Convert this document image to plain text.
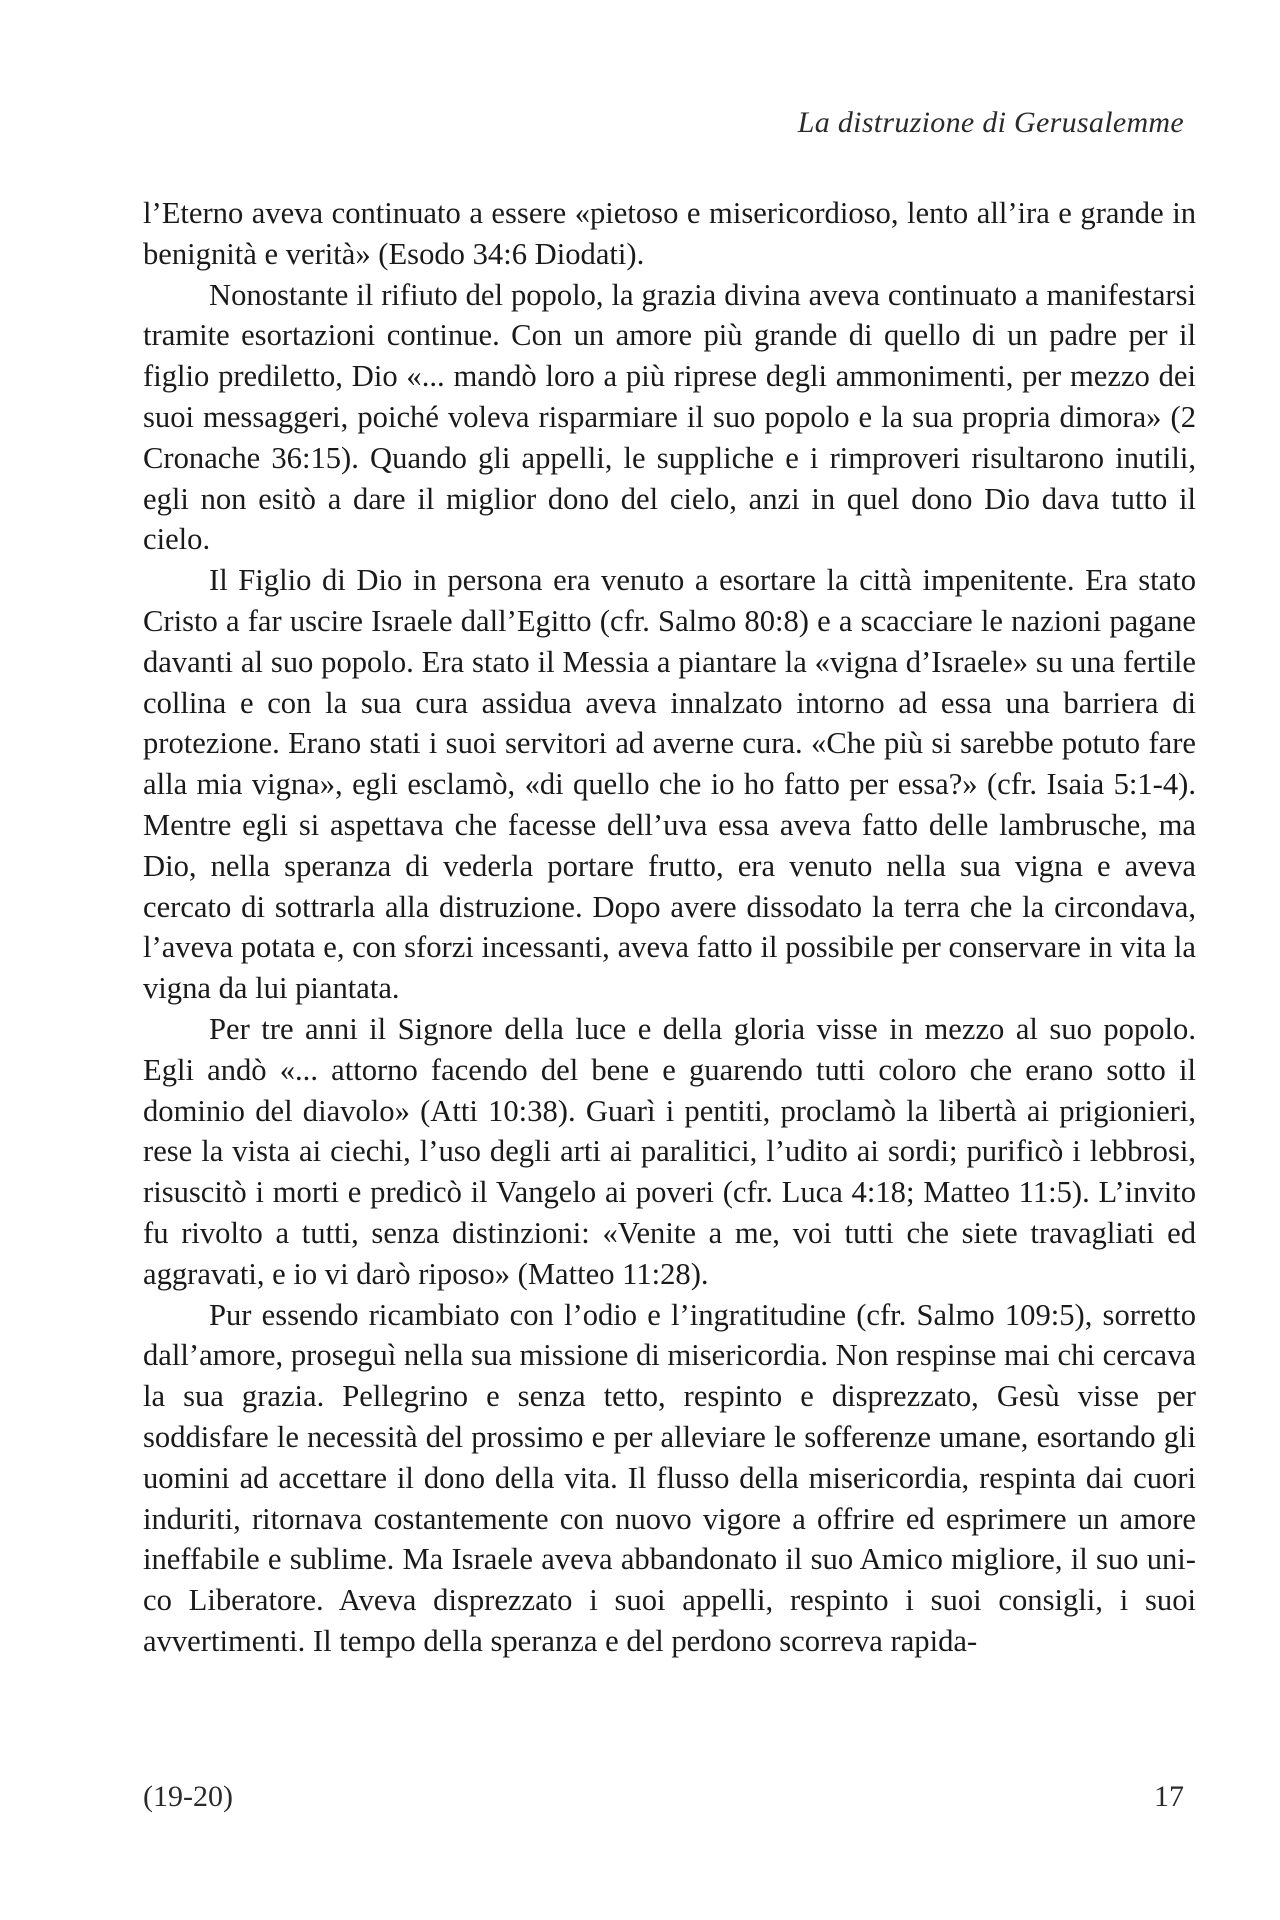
La distruzione di Gerusalemme

l’Eterno aveva continuato a essere «pietoso e misericordioso, lento all’ira e grande in benignità e verità» (Esodo 34:6 Diodati).

Nonostante il rifiuto del popolo, la grazia divina aveva continuato a manifestarsi tramite esortazioni continue. Con un amore più grande di quello di un padre per il figlio prediletto, Dio «... mandò loro a più riprese degli ammonimenti, per mezzo dei suoi messaggeri, poiché voleva risparmiare il suo popolo e la sua propria dimora» (2 Cronache 36:15). Quando gli appelli, le suppliche e i rimproveri risultarono inutili, egli non esitò a dare il miglior dono del cielo, anzi in quel dono Dio dava tutto il cielo.

Il Figlio di Dio in persona era venuto a esortare la città impenitente. Era stato Cristo a far uscire Israele dall’Egitto (cfr. Salmo 80:8) e a scacciare le nazioni pagane davanti al suo popolo. Era stato il Messia a piantare la «vigna d’Israele» su una fertile collina e con la sua cura assidua aveva innalzato intorno ad essa una barriera di protezione. Erano stati i suoi servitori ad averne cura. «Che più si sarebbe potuto fare alla mia vigna», egli esclamò, «di quello che io ho fatto per essa?» (cfr. Isaia 5:1-4). Mentre egli si aspettava che facesse dell’uva essa aveva fatto delle lambrusche, ma Dio, nella speranza di vederla portare frutto, era venuto nella sua vigna e aveva cercato di sottrarla alla distruzione. Dopo avere dissodato la terra che la circondava, l’aveva potata e, con sforzi incessanti, aveva fatto il possibile per conservare in vita la vigna da lui piantata.

Per tre anni il Signore della luce e della gloria visse in mezzo al suo popolo. Egli andò «... attorno facendo del bene e guarendo tutti coloro che erano sotto il dominio del diavolo» (Atti 10:38). Guarì i pentiti, proclamò la libertà ai prigionieri, rese la vista ai ciechi, l’uso degli arti ai paralitici, l’udito ai sordi; purificò i lebbrosi, risuscitò i morti e predicò il Vangelo ai poveri (cfr. Luca 4:18; Matteo 11:5). L’invito fu rivolto a tutti, senza distinzioni: «Venite a me, voi tutti che siete travagliati ed aggravati, e io vi darò riposo» (Matteo 11:28).

Pur essendo ricambiato con l’odio e l’ingratitudine (cfr. Salmo 109:5), sorretto dall’amore, proseguì nella sua missione di misericordia. Non respinse mai chi cercava la sua grazia. Pellegrino e senza tetto, respinto e disprezzato, Gesù visse per soddisfare le necessità del prossimo e per alleviare le sofferenze umane, esortando gli uomini ad accettare il dono della vita. Il flusso della misericordia, respinta dai cuori induriti, ritornava costantemente con nuovo vigore a offrire ed esprimere un amore ineffabile e sublime. Ma Israele aveva abbandonato il suo Amico migliore, il suo unico Liberatore. Aveva disprezzato i suoi appelli, respinto i suoi consigli, i suoi avvertimenti. Il tempo della speranza e del perdono scorreva rapida-

(19-20)	17
